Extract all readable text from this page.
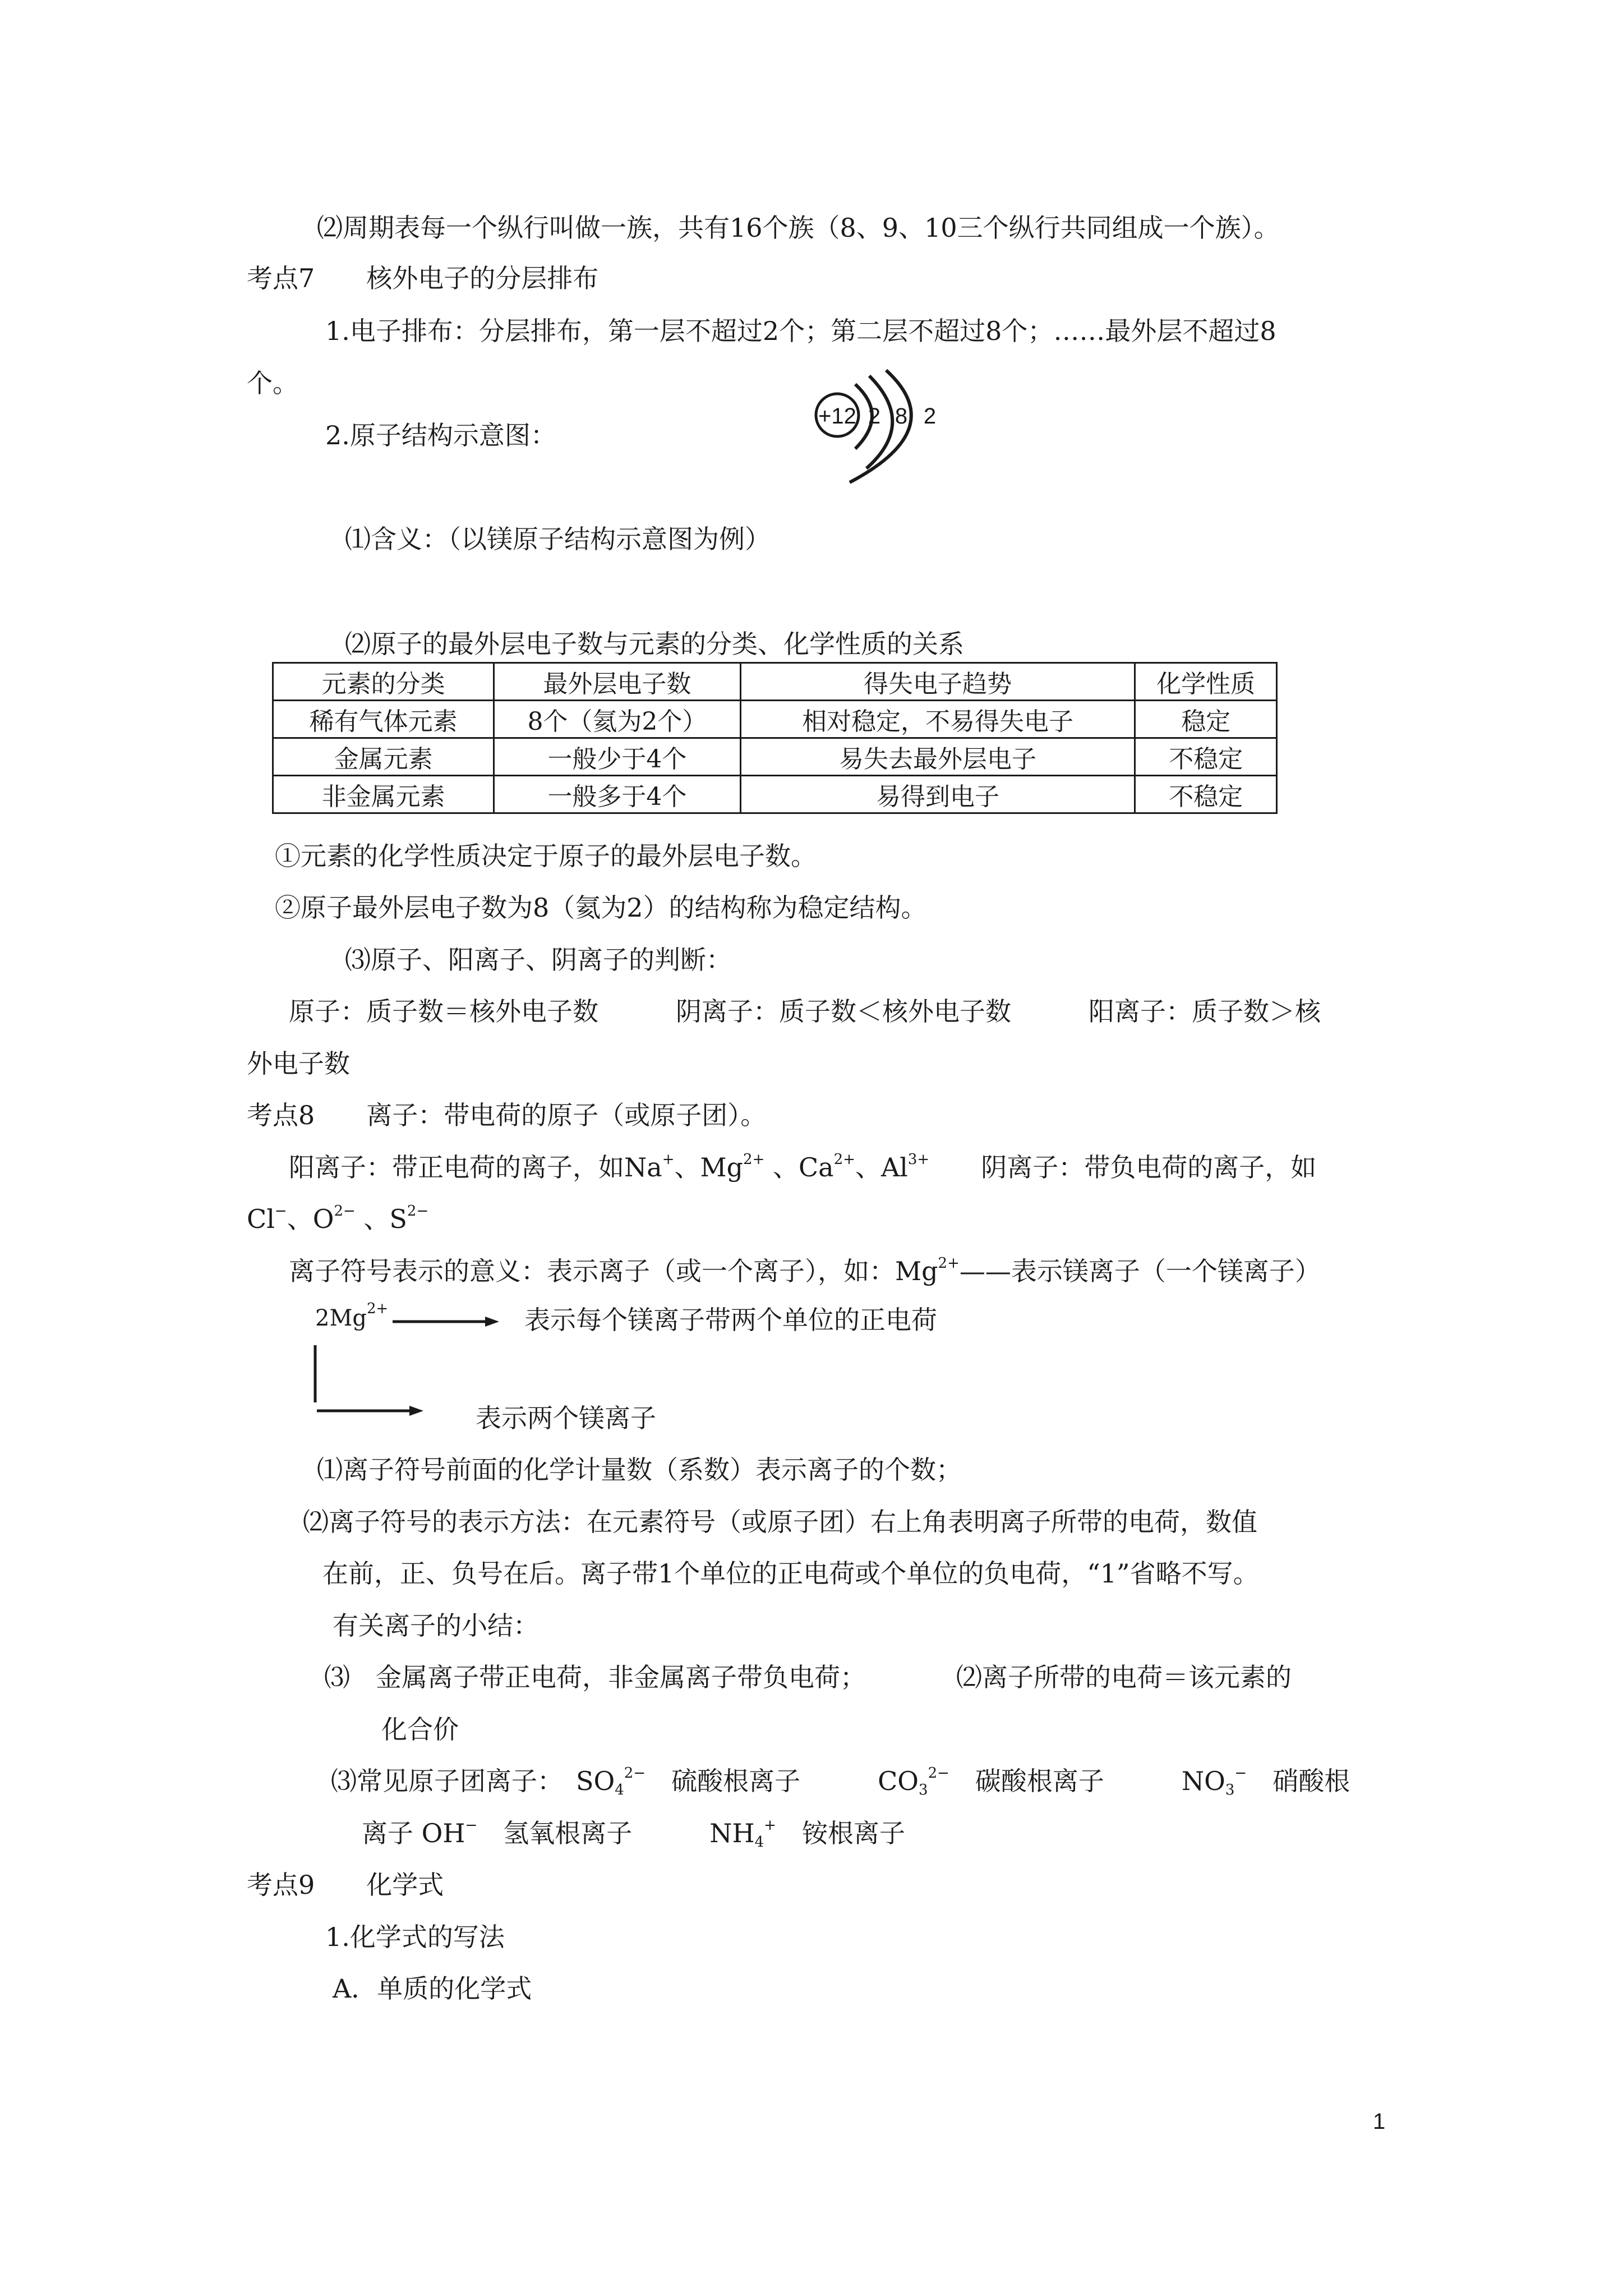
⑵周期表每一个纵行叫做一族，共有16个族（8、9、10三个纵行共同组成一个族）。
考点7　　核外电子的分层排布
1.电子排布：分层排布，第一层不超过2个；第二层不超过8个；……最外层不超过8
个。
2.原子结构示意图：
+12 2 8 2
⑴含义：（以镁原子结构示意图为例）
⑵原子的最外层电子数与元素的分类、化学性质的关系
元素的分类	最外层电子数	得失电子趋势	化学性质
稀有气体元素	8个（氦为2个）	相对稳定，不易得失电子	稳定
金属元素	一般少于4个	易失去最外层电子	不稳定
非金属元素	一般多于4个	易得到电子	不稳定
①元素的化学性质决定于原子的最外层电子数。
②原子最外层电子数为8（氦为2）的结构称为稳定结构。
⑶原子、阳离子、阴离子的判断：
原子：质子数＝核外电子数　　　阴离子：质子数＜核外电子数　　　阳离子：质子数＞核
外电子数
考点8　　离子：带电荷的原子（或原子团）。
阳离子：带正电荷的离子，如Na+、$Mg^{2+}$ 、$Ca^{2+}$、$Al^{3+}$　　阴离子：带负电荷的离子，如
Cl−、$O^{2-}$ 、$S^{2-}$
离子符号表示的意义：表示离子（或一个离子），如：$Mg^{2+}——$表示镁离子（一个镁离子）
$2Mg^{2+}$	表示每个镁离子带两个单位的正电荷
表示两个镁离子
⑴离子符号前面的化学计量数（系数）表示离子的个数；
⑵离子符号的表示方法：在元素符号（或原子团）右上角表明离子所带的电荷，数值
在前，正、负号在后。离子带1个单位的正电荷或个单位的负电荷，“1”省略不写。
有关离子的小结：
⑶　金属离子带正电荷，非金属离子带负电荷；　　　　⑵离子所带的电荷＝该元素的
化合价
⑶常见原子团离子：　$SO_4^{2-}$　硫酸根离子　　　$CO_3^{2-}$　碳酸根离子　　　$NO_3^-$　硝酸根
离子 OH−　氢氧根离子　　　$NH_4^+$　铵根离子
考点9　　化学式
1.化学式的写法
A．单质的化学式
1
